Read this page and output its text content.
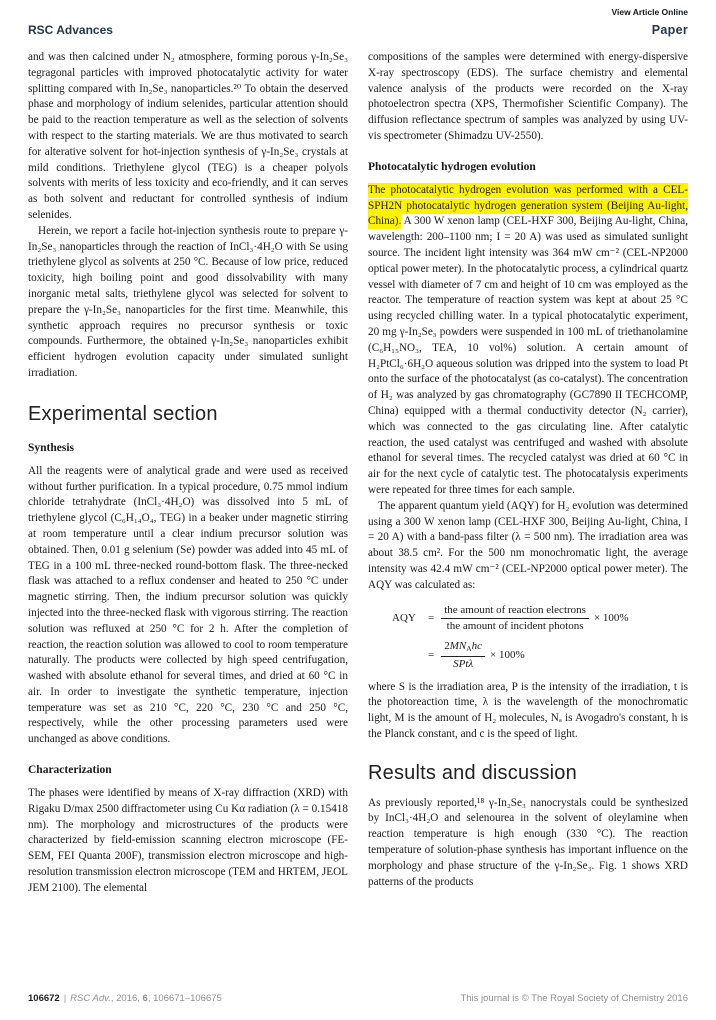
View Article Online
RSC Advances	Paper

and was then calcined under N₂ atmosphere, forming porous γ-In₂Se₃ tegragonal particles with improved photocatalytic activity for water splitting compared with In₂Se₃ nanoparticles.²⁰ To obtain the deserved phase and morphology of indium selenides, particular attention should be paid to the reaction temperature as well as the selection of solvents with respect to the starting materials. We are thus motivated to search for alterative solvent for hot-injection synthesis of γ-In₂Se₃ crystals at mild conditions. Triethylene glycol (TEG) is a cheaper polyols solvents with merits of less toxicity and eco-friendly, and it can serves as both solvent and reductant for controlled synthesis of indium selenides.

Herein, we report a facile hot-injection synthesis route to prepare γ-In₂Se₃ nanoparticles through the reaction of InCl₃·4H₂O with Se using triethylene glycol as solvents at 250 °C. Because of low price, reduced toxicity, high boiling point and good dissolvability with many inorganic metal salts, triethylene glycol was selected for solvent to prepare the γ-In₂Se₃ nanoparticles for the first time. Meanwhile, this synthetic approach requires no precursor synthesis or toxic compounds. Furthermore, the obtained γ-In₂Se₃ nanoparticles exhibit efficient hydrogen evolution capacity under simulated sunlight irradiation.

Experimental section
Synthesis

All the reagents were of analytical grade and were used as received without further purification. In a typical procedure, 0.75 mmol indium chloride tetrahydrate (InCl₃·4H₂O) was dissolved into 5 mL of triethylene glycol (C₆H₁₄O₄, TEG) in a beaker under magnetic stirring at room temperature until a clear indium precursor solution was obtained. Then, 0.01 g selenium (Se) powder was added into 45 mL of TEG in a 100 mL three-necked round-bottom flask. The three-necked flask was attached to a reflux condenser and heated to 250 °C under magnetic stirring. Then, the indium precursor solution was quickly injected into the three-necked flask with vigorous stirring. The reaction solution was refluxed at 250 °C for 2 h. After the completion of reaction, the reaction solution was allowed to cool to room temperature naturally. The products were collected by high speed centrifugation, washed with absolute ethanol for several times, and dried at 60 °C in air. In order to investigate the synthetic temperature, injection temperature was set as 210 °C, 220 °C, 230 °C and 250 °C, respectively, while the other processing parameters used were unchanged as above conditions.

Characterization

The phases were identified by means of X-ray diffraction (XRD) with Rigaku D/max 2500 diffractometer using Cu Kα radiation (λ = 0.15418 nm). The morphology and microstructures of the products were characterized by field-emission scanning electron microscope (FE-SEM, FEI Quanta 200F), transmission electron microscope and high-resolution transmission electron microscope (TEM and HRTEM, JEOL JEM 2100). The elemental

compositions of the samples were determined with energy-dispersive X-ray spectroscopy (EDS). The surface chemistry and elemental valence analysis of the products were recorded on the X-ray photoelectron spectra (XPS, Thermofisher Scientific Company). The diffusion reflectance spectrum of samples was analyzed by using UV-vis spectrometer (Shimadzu UV-2550).

Photocatalytic hydrogen evolution

The photocatalytic hydrogen evolution was performed with a CEL-SPH2N photocatalytic hydrogen generation system (Beijing Au-light, China). A 300 W xenon lamp (CEL-HXF 300, Beijing Au-light, China, wavelength: 200–1100 nm; I = 20 A) was used as simulated sunlight source. The incident light intensity was 364 mW cm⁻² (CEL-NP2000 optical power meter). In the photocatalytic process, a cylindrical quartz vessel with diameter of 7 cm and height of 10 cm was employed as the reactor. The temperature of reaction system was kept at about 25 °C using recycled chilling water. In a typical photocatalytic experiment, 20 mg γ-In₂Se₃ powders were suspended in 100 mL of triethanolamine (C₆H₁₅NO₃, TEA, 10 vol%) solution. A certain amount of H₂PtCl₆·6H₂O aqueous solution was dripped into the system to load Pt onto the surface of the photocatalyst (as co-catalyst). The concentration of H₂ was analyzed by gas chromatography (GC7890 II TECHCOMP, China) equipped with a thermal conductivity detector (N₂ carrier), which was connected to the gas circulating line. After catalytic reaction, the used catalyst was centrifuged and washed with absolute ethanol for several times. The recycled catalyst was dried at 60 °C in air for the next cycle of catalytic test. The photocatalysis experiments were repeated for three times for each sample.

The apparent quantum yield (AQY) for H₂ evolution was determined using a 300 W xenon lamp (CEL-HXF 300, Beijing Au-light, China, I = 20 A) with a band-pass filter (λ = 500 nm). The irradiation area was about 38.5 cm². For the 500 nm monochromatic light, the average intensity was 42.4 mW cm⁻² (CEL-NP2000 optical power meter). The AQY was calculated as:

AQY	= $\frac{\text{the amount of reaction electrons}}{\text{the amount of incident photons}} \times 100\%$
= $\frac{\text{2MNAhc}}{\text{SPtλ}} \times 100\%$

where S is the irradiation area, P is the intensity of the irradiation, t is the photoreaction time, λ is the wavelength of the monochromatic light, M is the amount of H₂ molecules, Nₐ is Avogadro's constant, h is the Planck constant, and c is the speed of light.

Results and discussion

As previously reported,¹⁸ γ-In₂Se₃ nanocrystals could be synthesized by InCl₃·4H₂O and selenourea in the solvent of oleylamine when reaction temperature is high enough (330 °C). The reaction temperature of solution-phase synthesis has important influence on the morphology and phase structure of the γ-In₂Se₃. Fig. 1 shows XRD patterns of the products

106672 | RSC Adv., 2016, 6, 106671–106675	This journal is © The Royal Society of Chemistry 2016
